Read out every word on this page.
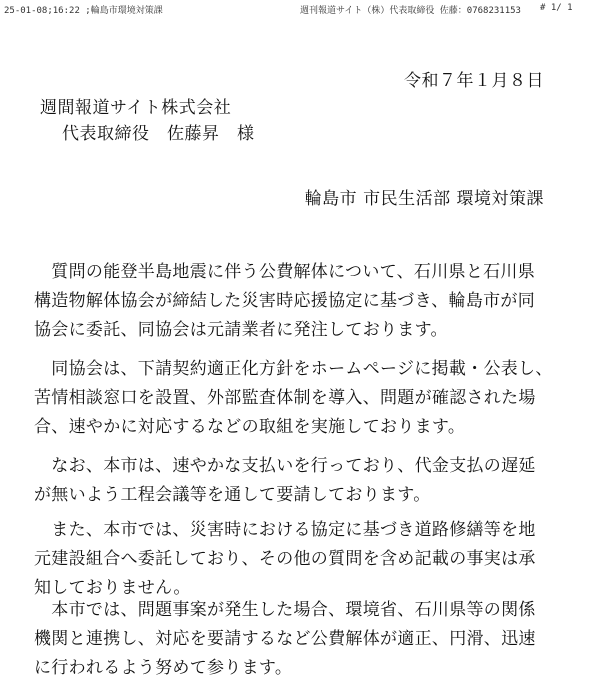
25-01-08;16:22 ;輪島市環境対策課	週刊報道サイト（株）代表取締役 佐藤：0768231153 # 1/ 1
令和７年１月８日
週間報道サイト株式会社
代表取締役　佐藤昇　様
輪島市 市民生活部 環境対策課
　質問の能登半島地震に伴う公費解体について、石川県と石川県
構造物解体協会が締結した災害時応援協定に基づき、輪島市が同
協会に委託、同協会は元請業者に発注しております。
　同協会は、下請契約適正化方針をホームページに掲載・公表し、
苦情相談窓口を設置、外部監査体制を導入、問題が確認された場
合、速やかに対応するなどの取組を実施しております。
　なお、本市は、速やかな支払いを行っており、代金支払の遅延
が無いよう工程会議等を通して要請しております。
　また、本市では、災害時における協定に基づき道路修繕等を地
元建設組合へ委託しており、その他の質問を含め記載の事実は承
知しておりません。
　本市では、問題事案が発生した場合、環境省、石川県等の関係
機関と連携し、対応を要請するなど公費解体が適正、円滑、迅速
に行われるよう努めて参ります。
